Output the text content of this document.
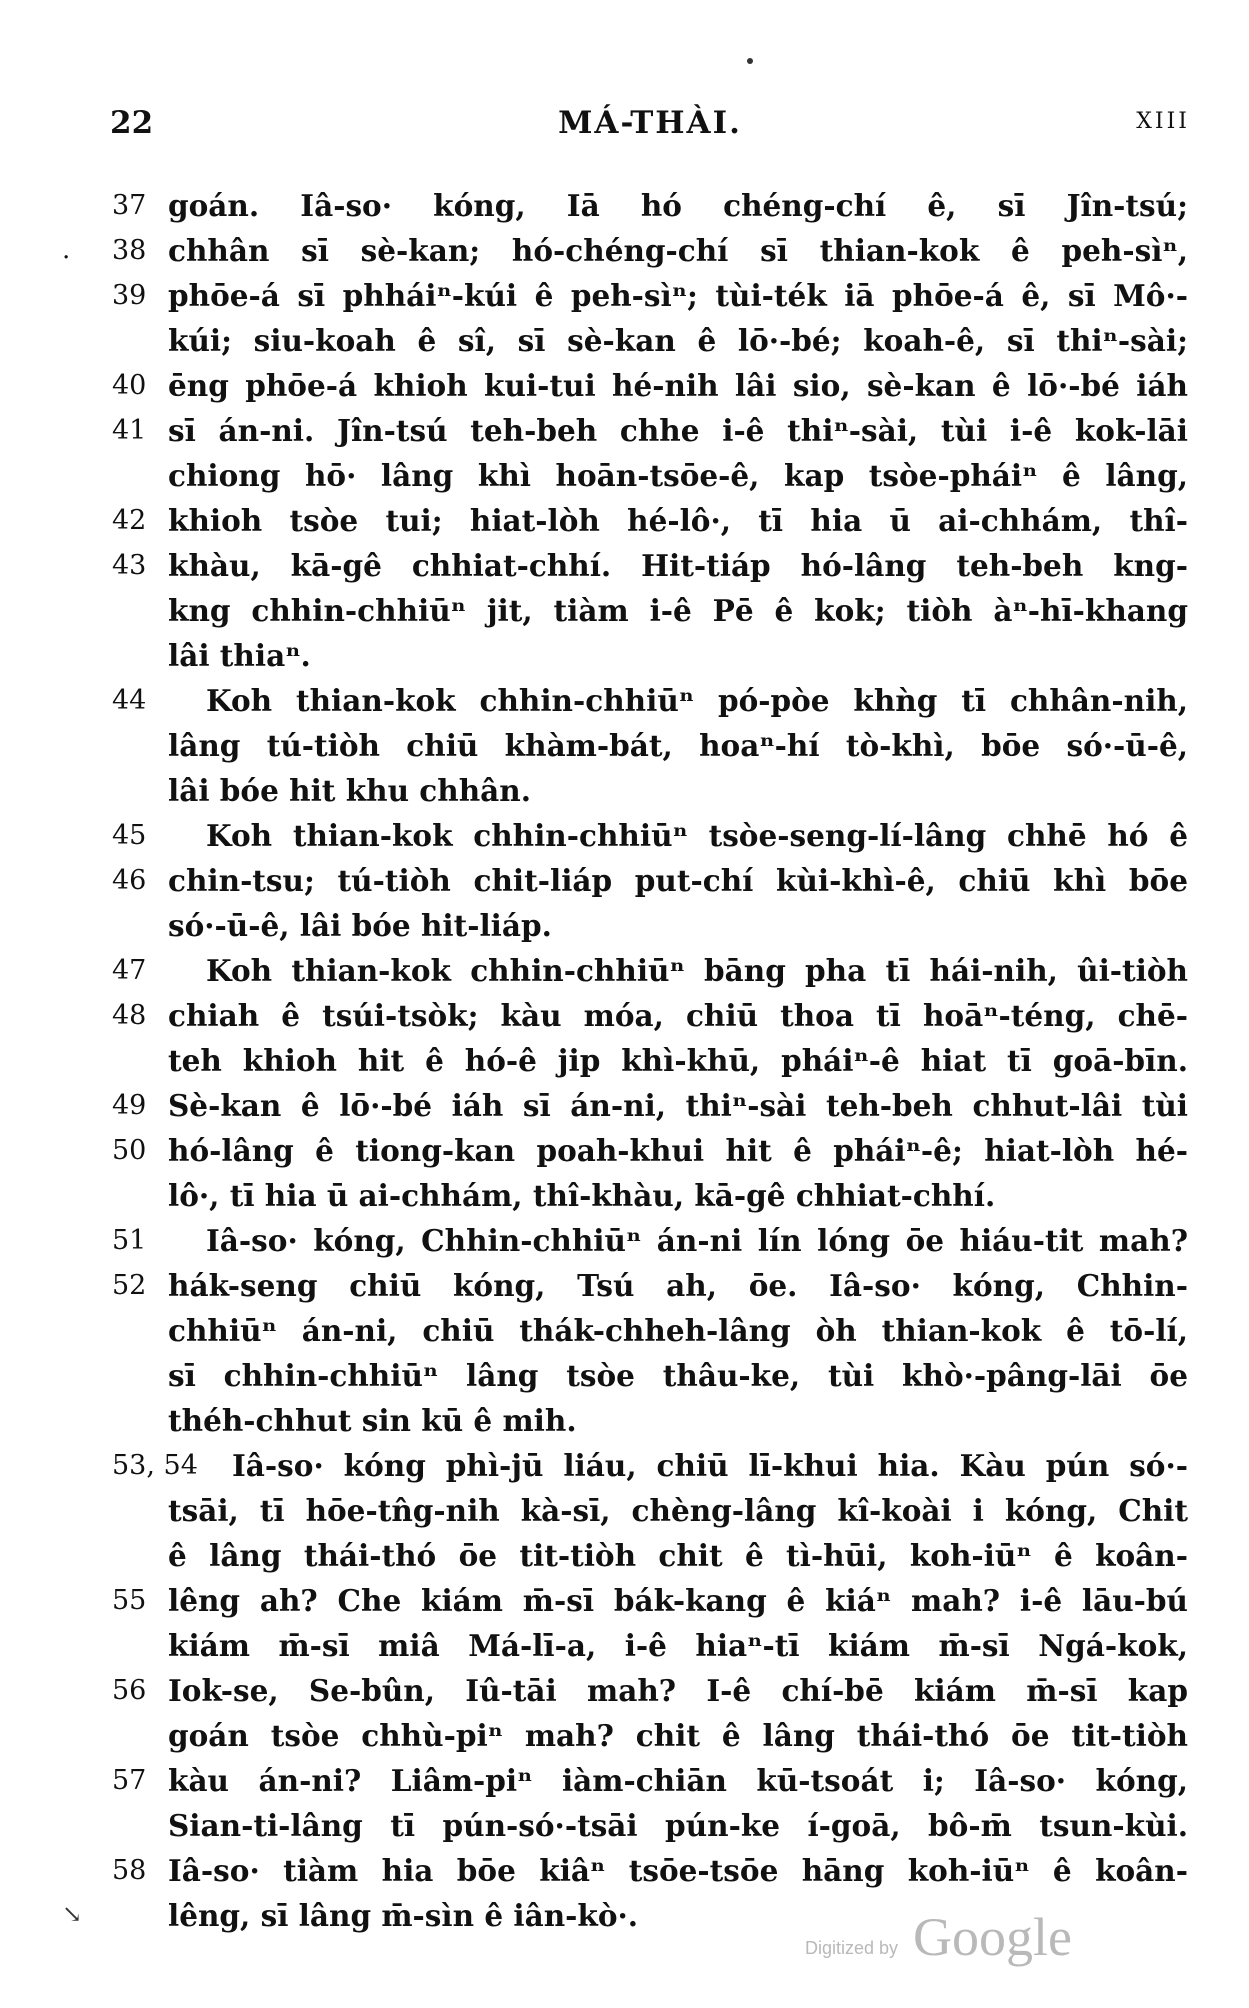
22	MÁ-THÀI.	XIII
37 goán. Iâ-so· kóng, Iā hó chéng-chí ê, sī Jîn-tsú;
. 38 chhân sī sè-kan; hó-chéng-chí sī thian-kok ê peh-sìⁿ,
39 phōe-á sī phháiⁿ-kúi ê peh-sìⁿ; tùi-ték iā phōe-á ê, sī Mô·-
kúi; siu-koah ê sî, sī sè-kan ê lō·-bé; koah-ê, sī thiⁿ-sài;
40 ēng phōe-á khioh kui-tui hé-nih lâi sio, sè-kan ê lō·-bé iáh
41 sī án-ni. Jîn-tsú teh-beh chhe i-ê thiⁿ-sài, tùi i-ê kok-lāi
chiong hō· lâng khì hoān-tsōe-ê, kap tsòe-pháiⁿ ê lâng,
42 khioh tsòe tui; hiat-lòh hé-lô·, tī hia ū ai-chhám, thî-
43 khàu, kā-gê chhiat-chhí. Hit-tiáp hó-lâng teh-beh kng-
kng chhin-chhiūⁿ jit, tiàm i-ê Pē ê kok; tiòh àⁿ-hī-khang
lâi thiaⁿ.
44	Koh thian-kok chhin-chhiūⁿ pó-pòe khǹg tī chhân-nih,
lâng tú-tiòh chiū khàm-bát, hoaⁿ-hí tò-khì, bōe só·-ū-ê,
lâi bóe hit khu chhân.
45	Koh thian-kok chhin-chhiūⁿ tsòe-seng-lí-lâng chhē hó ê
46 chin-tsu; tú-tiòh chit-liáp put-chí kùi-khì-ê, chiū khì bōe
só·-ū-ê, lâi bóe hit-liáp.
47	Koh thian-kok chhin-chhiūⁿ bāng pha tī hái-nih, ûi-tiòh
48 chiah ê tsúi-tsòk; kàu móa, chiū thoa tī hoāⁿ-téng, chē-
teh khioh hit ê hó-ê jip khì-khū, pháiⁿ-ê hiat tī goā-bīn.
49 Sè-kan ê lō·-bé iáh sī án-ni, thiⁿ-sài teh-beh chhut-lâi tùi
50 hó-lâng ê tiong-kan poah-khui hit ê pháiⁿ-ê; hiat-lòh hé-
lô·, tī hia ū ai-chhám, thî-khàu, kā-gê chhiat-chhí.
51	Iâ-so· kóng, Chhin-chhiūⁿ án-ni lín lóng ōe hiáu-tit mah?
52 hák-seng chiū kóng, Tsú ah, ōe. Iâ-so· kóng, Chhin-
chhiūⁿ án-ni, chiū thák-chheh-lâng òh thian-kok ê tō-lí,
sī chhin-chhiūⁿ lâng tsòe thâu-ke, tùi khò·-pâng-lāi ōe
théh-chhut sin kū ê mih.
53, 54 Iâ-so· kóng phì-jū liáu, chiū lī-khui hia. Kàu pún só·-
tsāi, tī hōe-tn̂g-nih kà-sī, chèng-lâng kî-koài i kóng, Chit
ê lâng thái-thó ōe tit-tiòh chit ê tì-hūi, koh-iūⁿ ê koân-
55 lêng ah? Che kiám m̄-sī bák-kang ê kiáⁿ mah? i-ê lāu-bú
kiám m̄-sī miâ Má-lī-a, i-ê hiaⁿ-tī kiám m̄-sī Ngá-kok,
56 Iok-se, Se-bûn, Iû-tāi mah? I-ê chí-bē kiám m̄-sī kap
goán tsòe chhù-piⁿ mah? chit ê lâng thái-thó ōe tit-tiòh
57 kàu án-ni? Liâm-piⁿ iàm-chiān kū-tsoát i; Iâ-so· kóng,
Sian-ti-lâng tī pún-só·-tsāi pún-ke í-goā, bô-m̄ tsun-kùi.
58 Iâ-so· tiàm hia bōe kiâⁿ tsōe-tsōe hāng koh-iūⁿ ê koân-
lêng, sī lâng m̄-sìn ê iân-kò·.
↘
Digitized by Google
